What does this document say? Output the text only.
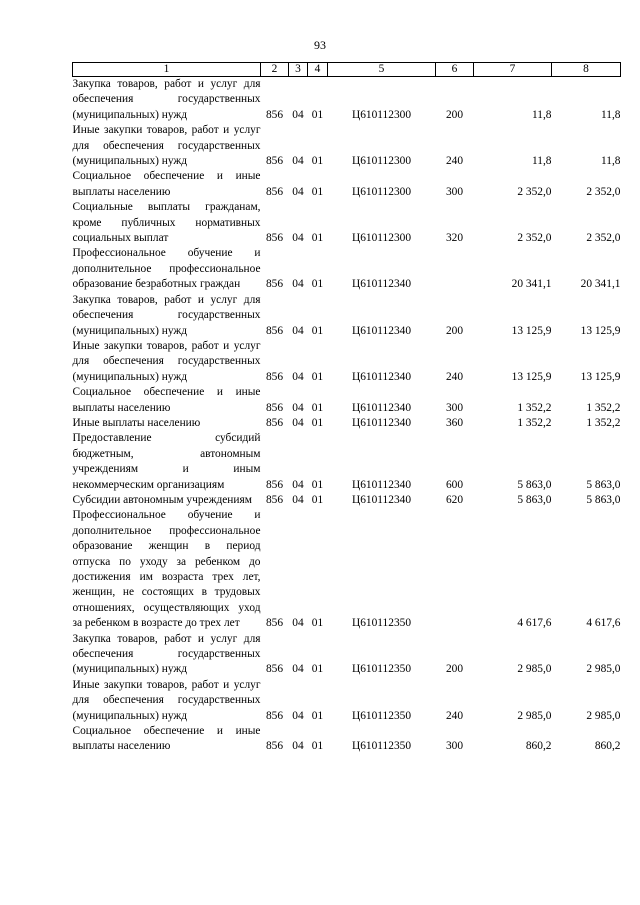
93
1	2	3	4	5	6	7	8
Закупка товаров, работ и услуг для обеспечения государственных (муниципальных) нужд	856	04	01	Ц610112300	200	11,8	11,8
Иные закупки товаров, работ и услуг для обеспечения государственных (муниципальных) нужд	856	04	01	Ц610112300	240	11,8	11,8
Социальное обеспечение и иные выплаты населению	856	04	01	Ц610112300	300	2 352,0	2 352,0
Социальные выплаты гражданам, кроме публичных нормативных социальных выплат	856	04	01	Ц610112300	320	2 352,0	2 352,0
Профессиональное обучение и дополнительное профессиональное образование безработных граждан	856	04	01	Ц610112340		20 341,1	20 341,1
Закупка товаров, работ и услуг для обеспечения государственных (муниципальных) нужд	856	04	01	Ц610112340	200	13 125,9	13 125,9
Иные закупки товаров, работ и услуг для обеспечения государственных (муниципальных) нужд	856	04	01	Ц610112340	240	13 125,9	13 125,9
Социальное обеспечение и иные выплаты населению	856	04	01	Ц610112340	300	1 352,2	1 352,2
Иные выплаты населению	856	04	01	Ц610112340	360	1 352,2	1 352,2
Предоставление субсидий бюджетным, автономным учреждениям и иным некоммерческим организациям	856	04	01	Ц610112340	600	5 863,0	5 863,0
Субсидии автономным учреждениям	856	04	01	Ц610112340	620	5 863,0	5 863,0
Профессиональное обучение и дополнительное профессиональное образование женщин в период отпуска по уходу за ребенком до достижения им возраста трех лет, женщин, не состоящих в трудовых отношениях, осуществляющих уход за ребенком в возрасте до трех лет	856	04	01	Ц610112350		4 617,6	4 617,6
Закупка товаров, работ и услуг для обеспечения государственных (муниципальных) нужд	856	04	01	Ц610112350	200	2 985,0	2 985,0
Иные закупки товаров, работ и услуг для обеспечения государственных (муниципальных) нужд	856	04	01	Ц610112350	240	2 985,0	2 985,0
Социальное обеспечение и иные выплаты населению	856	04	01	Ц610112350	300	860,2	860,2
